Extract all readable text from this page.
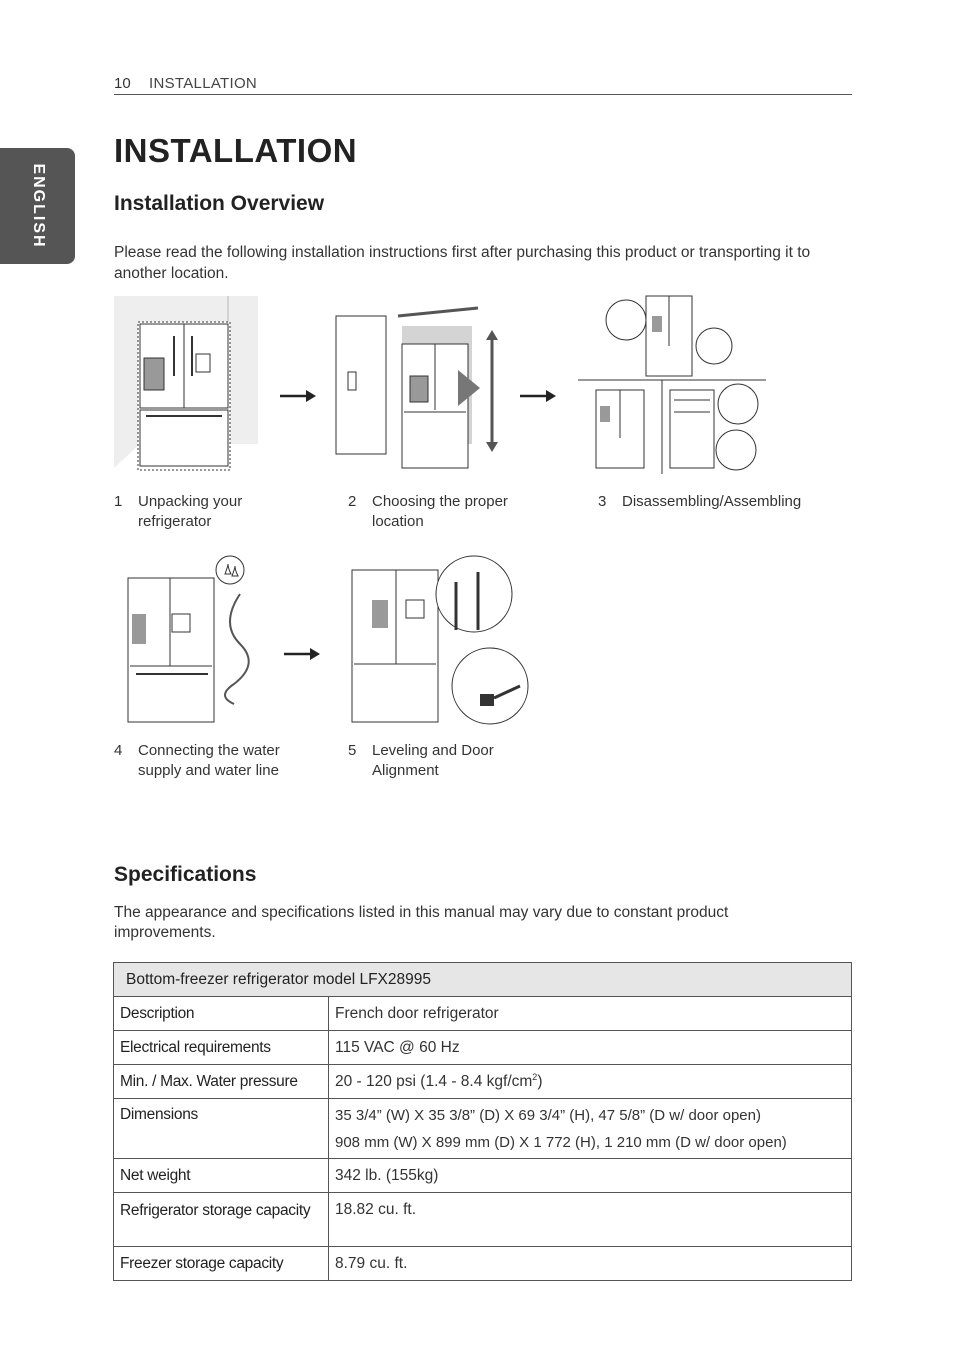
10 INSTALLATION
ENGLISH
INSTALLATION
Installation Overview
Please read the following installation instructions first after purchasing this product or transporting it to another location.
1	Unpacking your refrigerator
2	Choosing the proper location
3	Disassembling/Assembling
4	Connecting the water supply and water line
5	Leveling and Door Alignment
Specifications
The appearance and specifications listed in this manual may vary due to constant product improvements.
Bottom-freezer refrigerator model LFX28995	
Description	French door refrigerator
Electrical requirements	115 VAC @ 60 Hz
Min. / Max. Water pressure	20 - 120 psi (1.4 - 8.4 kgf/$cm^2$)
Dimensions	35 3/4” (W) X 35 3/8” (D) X 69 3/4” (H), 47 5/8” (D w/ door open)
908 mm (W) X 899 mm (D) X 1 772 (H), 1 210 mm (D w/ door open)

Net weight	342 lb. (155kg)
Refrigerator storage capacity	18.82 cu. ft.
Freezer storage capacity	8.79 cu. ft.
